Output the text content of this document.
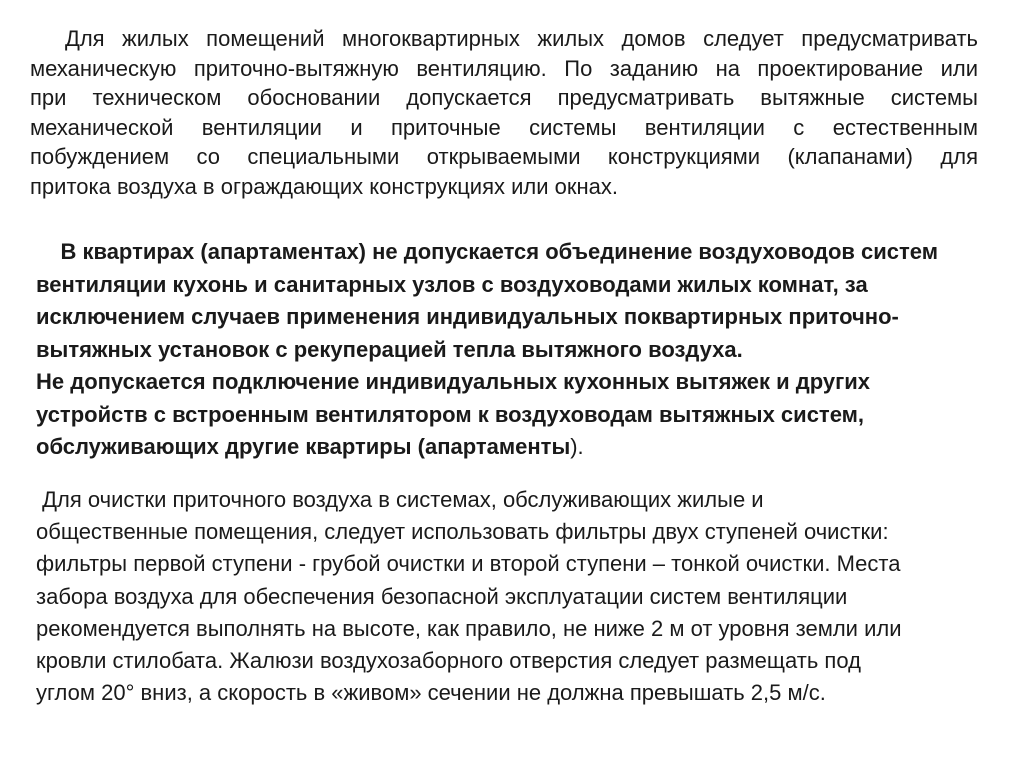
Для жилых помещений многоквартирных жилых домов следует предусматривать
механическую приточно-вытяжную вентиляцию. По заданию на проектирование или
при техническом обосновании допускается предусматривать вытяжные системы
механической вентиляции и приточные системы вентиляции с естественным
побуждением со специальными открываемыми конструкциями (клапанами) для
притока воздуха в ограждающих конструкциях или окнах.
В квартирах (апартаментах) не допускается объединение воздуховодов систем
вентиляции кухонь и санитарных узлов с воздуховодами жилых комнат, за
исключением случаев применения индивидуальных поквартирных приточно-
вытяжных установок с рекуперацией тепла вытяжного воздуха.
Не допускается подключение индивидуальных кухонных вытяжек и других
устройств с встроенным вентилятором к воздуховодам вытяжных систем,
обслуживающих другие квартиры (апартаменты).
Для очистки приточного воздуха в системах, обслуживающих жилые и
общественные помещения, следует использовать фильтры двух ступеней очистки:
фильтры первой ступени - грубой очистки и второй ступени – тонкой очистки. Места
забора воздуха для обеспечения безопасной эксплуатации систем вентиляции
рекомендуется выполнять на высоте, как правило, не ниже 2 м от уровня земли или
кровли стилобата. Жалюзи воздухозаборного отверстия следует размещать под
углом 20° вниз, а скорость в «живом» сечении не должна превышать 2,5 м/с.
